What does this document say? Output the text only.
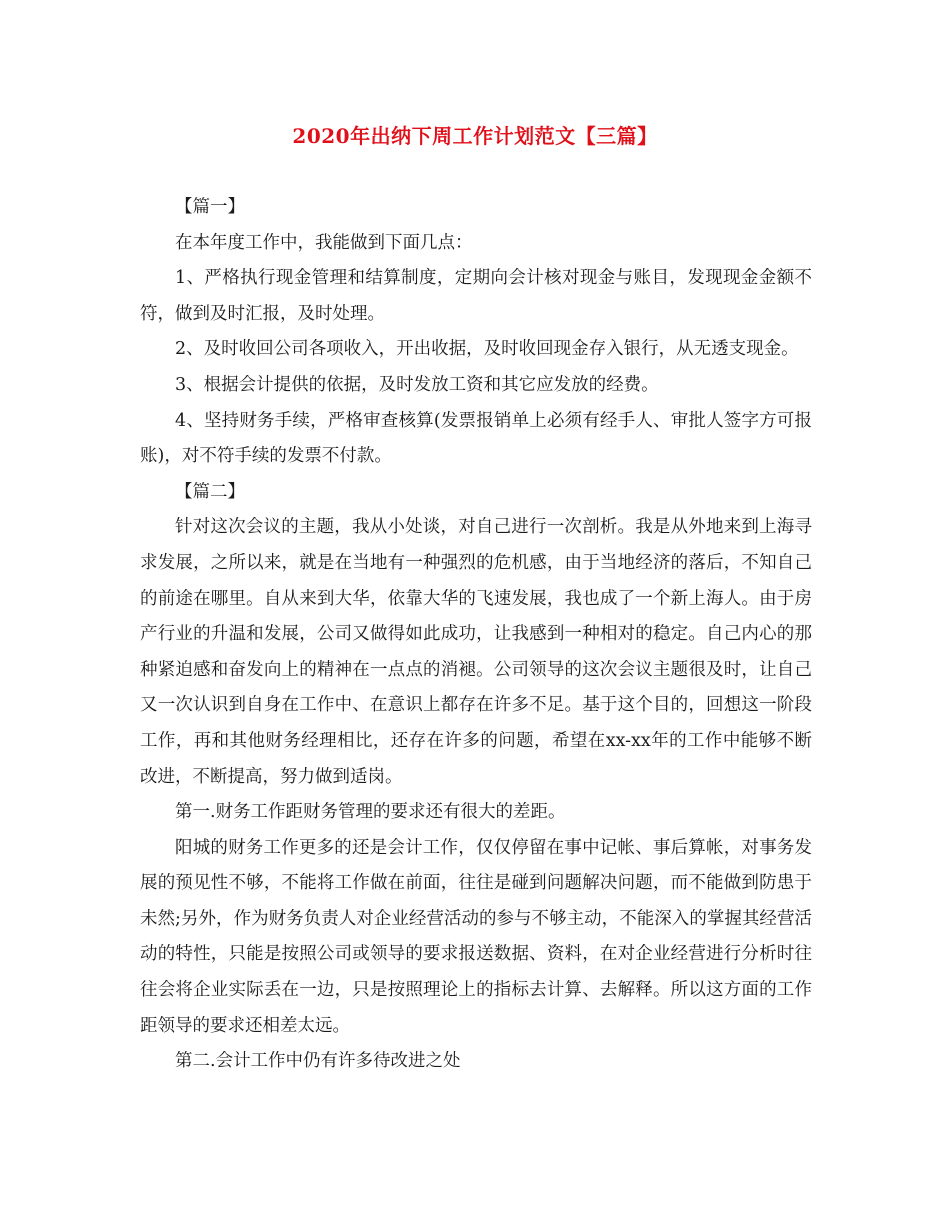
2020年出纳下周工作计划范文【三篇】

【篇一】

在本年度工作中，我能做到下面几点：

1、严格执行现金管理和结算制度，定期向会计核对现金与账目，发现现金金额不符，做到及时汇报，及时处理。

2、及时收回公司各项收入，开出收据，及时收回现金存入银行，从无透支现金。

3、根据会计提供的依据，及时发放工资和其它应发放的经费。

4、坚持财务手续，严格审查核算(发票报销单上必须有经手人、审批人签字方可报账)，对不符手续的发票不付款。

【篇二】

针对这次会议的主题，我从小处谈，对自己进行一次剖析。我是从外地来到上海寻求发展，之所以来，就是在当地有一种强烈的危机感，由于当地经济的落后，不知自己的前途在哪里。自从来到大华，依靠大华的飞速发展，我也成了一个新上海人。由于房产行业的升温和发展，公司又做得如此成功，让我感到一种相对的稳定。自己内心的那种紧迫感和奋发向上的精神在一点点的消褪。公司领导的这次会议主题很及时，让自己又一次认识到自身在工作中、在意识上都存在许多不足。基于这个目的，回想这一阶段工作，再和其他财务经理相比，还存在许多的问题，希望在xx-xx年的工作中能够不断改进，不断提高，努力做到适岗。

第一.财务工作距财务管理的要求还有很大的差距。

阳城的财务工作更多的还是会计工作，仅仅停留在事中记帐、事后算帐，对事务发展的预见性不够，不能将工作做在前面，往往是碰到问题解决问题，而不能做到防患于未然;另外，作为财务负责人对企业经营活动的参与不够主动，不能深入的掌握其经营活动的特性，只能是按照公司或领导的要求报送数据、资料，在对企业经营进行分析时往往会将企业实际丢在一边，只是按照理论上的指标去计算、去解释。所以这方面的工作距领导的要求还相差太远。

第二.会计工作中仍有许多待改进之处
